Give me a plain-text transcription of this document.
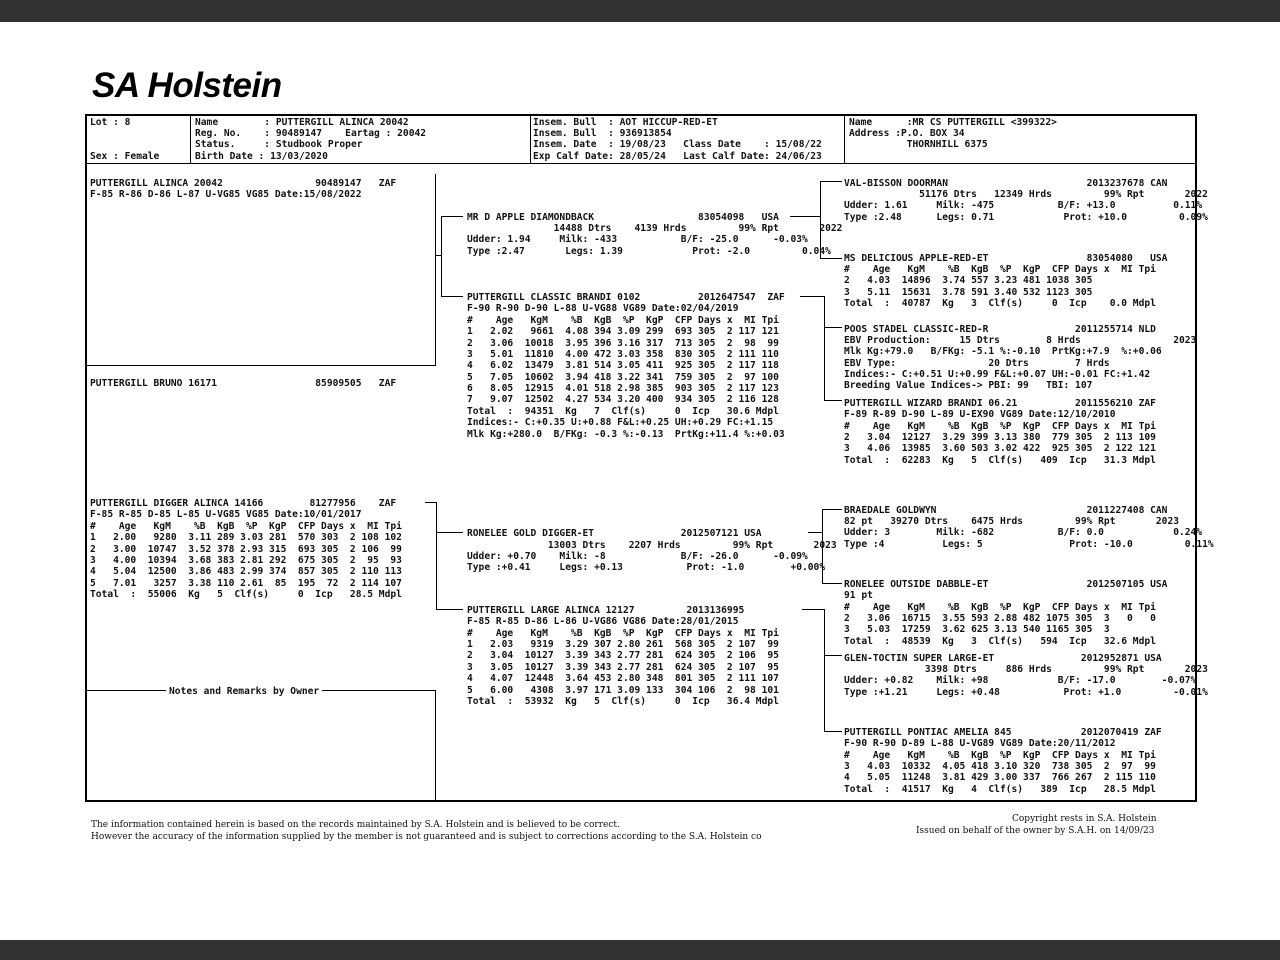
SA Holstein
Lot : 8
Sex : Female
Name        : PUTTERGILL ALINCA 20042
Reg. No.    : 90489147    Eartag : 20042
Status.     : Studbook Proper
Birth Date : 13/03/2020
Insem. Bull  : AOT HICCUP-RED-ET
Insem. Bull  : 936913854
Insem. Date  : 19/08/23   Class Date    : 15/08/22
Exp Calf Date: 28/05/24   Last Calf Date: 24/06/23
Name      :MR CS PUTTERGILL <399322>
Address :P.O. BOX 34
THORNHILL 6375
PUTTERGILL ALINCA 20042                90489147   ZAF
F-85 R-86 D-86 L-87 U-VG85 VG85 Date:15/08/2022
PUTTERGILL BRUNO 16171                 85909505   ZAF
PUTTERGILL DIGGER ALINCA 14166        81277956    ZAF
F-85 R-85 D-85 L-85 U-VG85 VG85 Date:10/01/2017
#    Age   KgM    %B  KgB  %P  KgP  CFP Days x  MI Tpi
1   2.00   9280  3.11 289 3.03 281  570 303  2 108 102
2   3.00  10747  3.52 378 2.93 315  693 305  2 106  99
3   4.00  10394  3.68 383 2.81 292  675 305  2  95  93
4   5.04  12500  3.86 483 2.99 374  857 305  2 110 113
5   7.01   3257  3.38 110 2.61  85  195  72  2 114 107
Total  :  55006  Kg   5  Clf(s)     0  Icp   28.5 Mdpl
MR D APPLE DIAMONDBACK                  83054098   USA
14488 Dtrs    4139 Hrds         99% Rpt       2022
Udder: 1.94     Milk: -433           B/F: -25.0      -0.03%
Type :2.47       Legs: 1.39            Prot: -2.0         0.04%
PUTTERGILL CLASSIC BRANDI 0102          2012647547  ZAF
F-90 R-90 D-90 L-88 U-VG88 VG89 Date:02/04/2019
#    Age   KgM    %B  KgB  %P  KgP  CFP Days x  MI Tpi
1   2.02   9661  4.08 394 3.09 299  693 305  2 117 121
2   3.06  10018  3.95 396 3.16 317  713 305  2  98  99
3   5.01  11810  4.00 472 3.03 358  830 305  2 111 110
4   6.02  13479  3.81 514 3.05 411  925 305  2 117 118
5   7.05  10602  3.94 418 3.22 341  759 305  2  97 100
6   8.05  12915  4.01 518 2.98 385  903 305  2 117 123
7   9.07  12502  4.27 534 3.20 400  934 305  2 116 128
Total  :  94351  Kg   7  Clf(s)     0  Icp   30.6 Mdpl
Indices:- C:+0.35 U:+0.88 F&L:+0.25 UH:+0.29 FC:+1.15
Mlk Kg:+280.0  B/FKg: -0.3 %:-0.13  PrtKg:+11.4 %:+0.03
RONELEE GOLD DIGGER-ET               2012507121 USA
13003 Dtrs    2207 Hrds         99% Rpt       2023
Udder: +0.70    Milk: -8             B/F: -26.0      -0.09%
Type :+0.41     Legs: +0.13           Prot: -1.0        +0.00%
PUTTERGILL LARGE ALINCA 12127         2013136995
F-85 R-85 D-86 L-86 U-VG86 VG86 Date:28/01/2015
#    Age   KgM    %B  KgB  %P  KgP  CFP Days x  MI Tpi
1   2.03   9319  3.29 307 2.80 261  568 305  2 107  99
2   3.04  10127  3.39 343 2.77 281  624 305  2 106  95
3   3.05  10127  3.39 343 2.77 281  624 305  2 107  95
4   4.07  12448  3.64 453 2.80 348  801 305  2 111 107
5   6.00   4308  3.97 171 3.09 133  304 106  2  98 101
Total  :  53932  Kg   5  Clf(s)     0  Icp   36.4 Mdpl
VAL-BISSON DOORMAN                        2013237678 CAN
51176 Dtrs   12349 Hrds         99% Rpt       2022
Udder: 1.61     Milk: -475           B/F: +13.0          0.11%
Type :2.48      Legs: 0.71            Prot: +10.0         0.09%
MS DELICIOUS APPLE-RED-ET                 83054080   USA
#    Age   KgM    %B  KgB  %P  KgP  CFP Days x  MI Tpi
2   4.03  14896  3.74 557 3.23 481 1038 305
3   5.11  15631  3.78 591 3.40 532 1123 305
Total  :  40787  Kg   3  Clf(s)     0  Icp    0.0 Mdpl
POOS STADEL CLASSIC-RED-R               2011255714 NLD
EBV Production:     15 Dtrs        8 Hrds                2023
Mlk Kg:+79.0   B/FKg: -5.1 %:-0.10  PrtKg:+7.9  %:+0.06
EBV Type:                20 Dtrs        7 Hrds
Indices:- C:+0.51 U:+0.99 F&L:+0.07 UH:-0.01 FC:+1.42
Breeding Value Indices-> PBI: 99   TBI: 107
PUTTERGILL WIZARD BRANDI 06.21          2011556210 ZAF
F-89 R-89 D-90 L-89 U-EX90 VG89 Date:12/10/2010
#    Age   KgM    %B  KgB  %P  KgP  CFP Days x  MI Tpi
2   3.04  12127  3.29 399 3.13 380  779 305  2 113 109
3   4.06  13985  3.60 503 3.02 422  925 305  2 122 121
Total  :  62283  Kg   5  Clf(s)   409  Icp   31.3 Mdpl
BRAEDALE GOLDWYN                          2011227408 CAN
82 pt   39270 Dtrs    6475 Hrds         99% Rpt       2023
Udder: 3        Milk: -682           B/F: 0.0            0.24%
Type :4          Legs: 5               Prot: -10.0         0.11%
RONELEE OUTSIDE DABBLE-ET                 2012507105 USA
91 pt
#    Age   KgM    %B  KgB  %P  KgP  CFP Days x  MI Tpi
2   3.06  16715  3.55 593 2.88 482 1075 305  3   0   0
3   5.03  17259  3.62 625 3.13 540 1165 305  3
Total  :  48539  Kg   3  Clf(s)   594  Icp   32.6 Mdpl
GLEN-TOCTIN SUPER LARGE-ET               2012952871 USA
3398 Dtrs     886 Hrds         99% Rpt       2023
Udder: +0.82    Milk: +98            B/F: -17.0        -0.07%
Type :+1.21     Legs: +0.48           Prot: +1.0         -0.01%
PUTTERGILL PONTIAC AMELIA 845            2012070419 ZAF
F-90 R-90 D-89 L-88 U-VG89 VG89 Date:20/11/2012
#    Age   KgM    %B  KgB  %P  KgP  CFP Days x  MI Tpi
3   4.03  10332  4.05 418 3.10 320  738 305  2  97  99
4   5.05  11248  3.81 429 3.00 337  766 267  2 115 110
Total  :  41517  Kg   4  Clf(s)   389  Icp   28.5 Mdpl
Notes and Remarks by Owner
The information contained herein is based on the records maintained by S.A. Holstein and is believed to be correct.
However the accuracy of the information supplied by the member is not guaranteed and is subject to corrections according to the S.A. Holstein co
Copyright rests in S.A. Holstein
Issued on behalf of the owner by S.A.H. on 14/09/23
